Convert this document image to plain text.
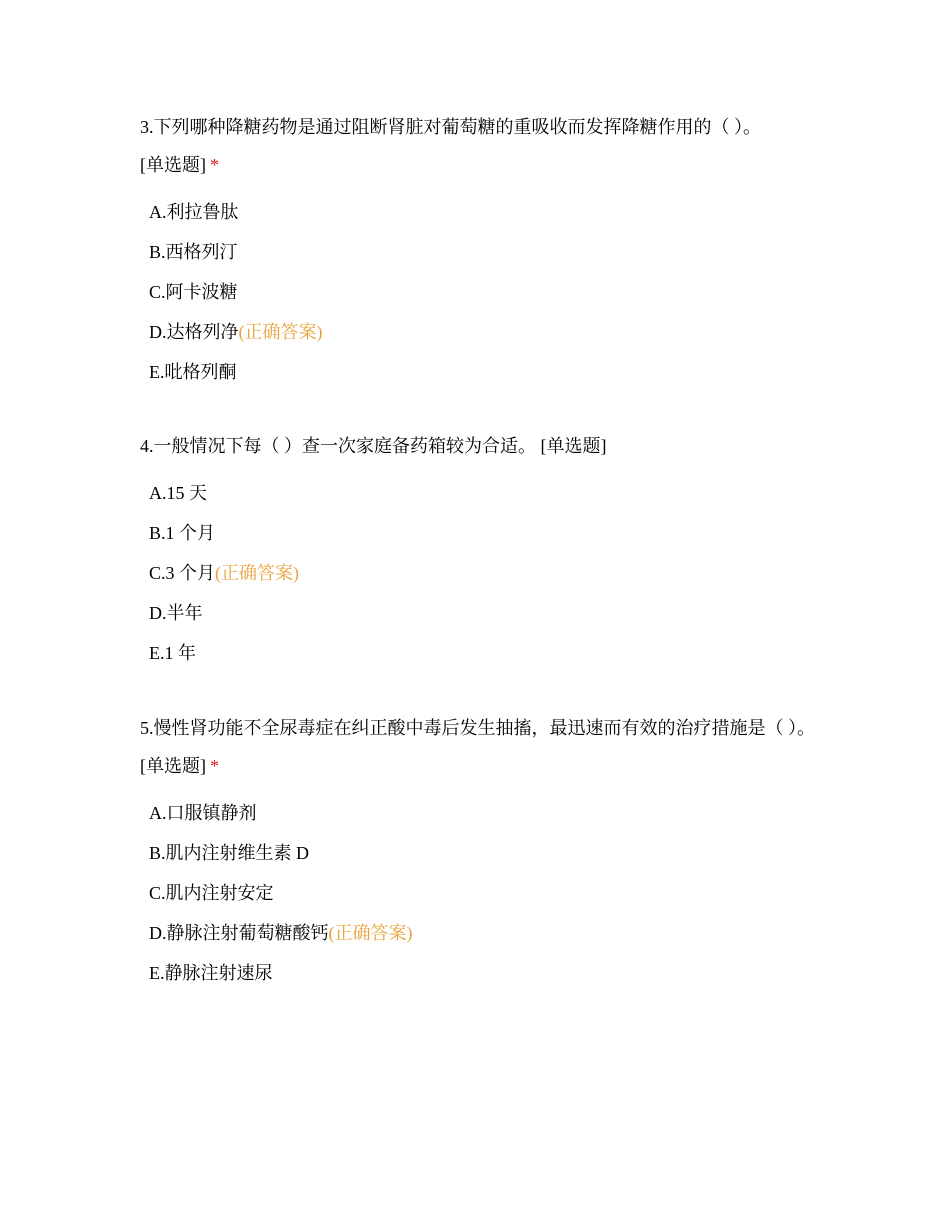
3.下列哪种降糖药物是通过阻断肾脏对葡萄糖的重吸收而发挥降糖作用的（ ）。
[单选题] *

A.利拉鲁肽
B.西格列汀
C.阿卡波糖
D.达格列净(正确答案)
E.吡格列酮

4.一般情况下每（ ）查一次家庭备药箱较为合适。 [单选题]

A.15 天
B.1 个月
C.3 个月(正确答案)
D.半年
E.1 年

5.慢性肾功能不全尿毒症在纠正酸中毒后发生抽搐，最迅速而有效的治疗措施是（ ）。 [单选题] *

A.口服镇静剂
B.肌内注射维生素 D
C.肌内注射安定
D.静脉注射葡萄糖酸钙(正确答案)
E.静脉注射速尿
